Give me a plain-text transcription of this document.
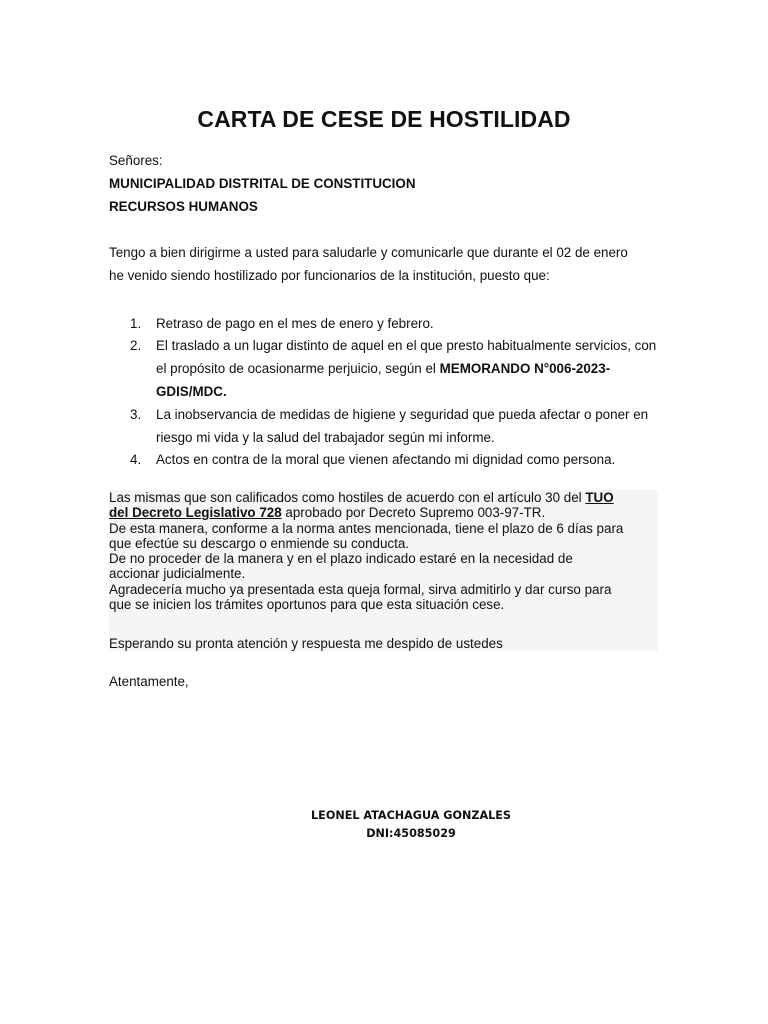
CARTA DE CESE DE HOSTILIDAD
Señores:
MUNICIPALIDAD DISTRITAL DE CONSTITUCION
RECURSOS HUMANOS
Tengo a bien dirigirme a usted para saludarle y comunicarle que durante el 02 de enero he venido siendo hostilizado por funcionarios de la institución, puesto que:
1. Retraso de pago en el mes de enero y febrero.
2. El traslado a un lugar distinto de aquel en el que presto habitualmente servicios, con el propósito de ocasionarme perjuicio, según el MEMORANDO N°006-2023-GDIS/MDC.
3. La inobservancia de medidas de higiene y seguridad que pueda afectar o poner en riesgo mi vida y la salud del trabajador según mi informe.
4. Actos en contra de la moral que vienen afectando mi dignidad como persona.
Las mismas que son calificados como hostiles de acuerdo con el artículo 30 del TUO
del Decreto Legislativo 728 aprobado por Decreto Supremo 003-97-TR.
De esta manera, conforme a la norma antes mencionada, tiene el plazo de 6 días para
que efectúe su descargo o enmiende su conducta.
De no proceder de la manera y en el plazo indicado estaré en la necesidad de
accionar judicialmente.
Agradecería mucho ya presentada esta queja formal, sirva admitirlo y dar curso para
que se inicien los trámites oportunos para que esta situación cese.
Esperando su pronta atención y respuesta me despido de ustedes
Atentamente,
LEONEL ATACHAGUA GONZALES
DNI:45085029
